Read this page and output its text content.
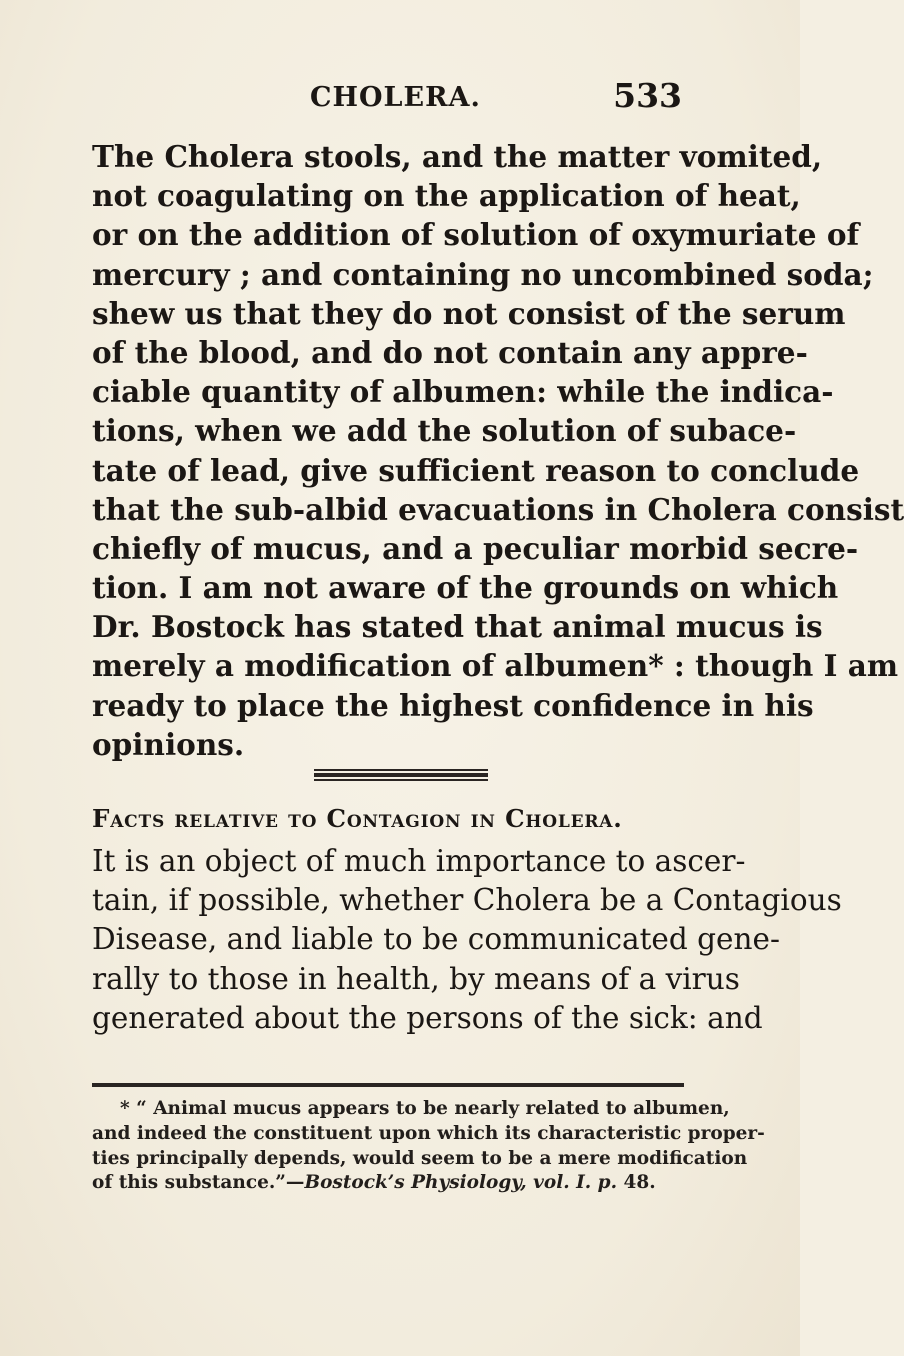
CHOLERA.	533
The Cholera stools, and the matter vomited,
not coagulating on the application of heat,
or on the addition of solution of oxymuriate of
mercury ; and containing no uncombined soda;
shew us that they do not consist of the serum
of the blood, and do not contain any appre-
ciable quantity of albumen: while the indica-
tions, when we add the solution of subace-
tate of lead, give sufficient reason to conclude
that the sub-albid evacuations in Cholera consist
chiefly of mucus, and a peculiar morbid secre-
tion. I am not aware of the grounds on which
Dr. Bostock has stated that animal mucus is
merely a modification of albumen* : though I am
ready to place the highest confidence in his
opinions.
Facts relative to Contagion in Cholera.
It is an object of much importance to ascer-
tain, if possible, whether Cholera be a Contagious
Disease, and liable to be communicated gene-
rally to those in health, by means of a virus
generated about the persons of the sick: and
* “ Animal mucus appears to be nearly related to albumen,
and indeed the constituent upon which its characteristic proper-
ties principally depends, would seem to be a mere modification
of this substance.”—Bostock’s Physiology, vol. I. p. 48.
